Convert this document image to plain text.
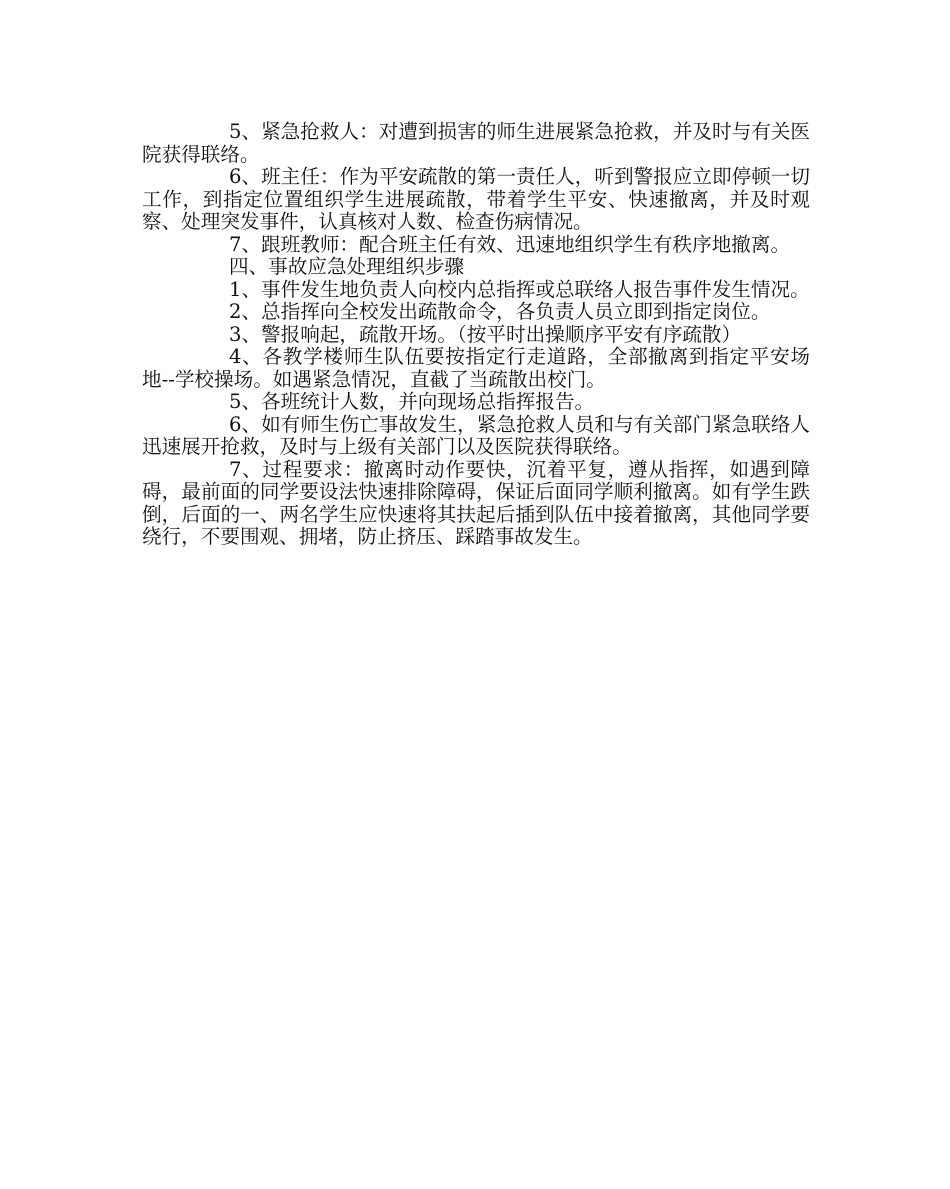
5、紧急抢救人：对遭到损害的师生进展紧急抢救，并及时与有关医院获得联络。

6、班主任：作为平安疏散的第一责任人，听到警报应立即停顿一切工作，到指定位置组织学生进展疏散，带着学生平安、快速撤离，并及时观察、处理突发事件，认真核对人数、检查伤病情况。

7、跟班教师：配合班主任有效、迅速地组织学生有秩序地撤离。

四、事故应急处理组织步骤

1、事件发生地负责人向校内总指挥或总联络人报告事件发生情况。

2、总指挥向全校发出疏散命令，各负责人员立即到指定岗位。

3、警报响起，疏散开场。（按平时出操顺序平安有序疏散）

4、各教学楼师生队伍要按指定行走道路，全部撤离到指定平安场地--学校操场。如遇紧急情况，直截了当疏散出校门。

5、各班统计人数，并向现场总指挥报告。

6、如有师生伤亡事故发生，紧急抢救人员和与有关部门紧急联络人迅速展开抢救，及时与上级有关部门以及医院获得联络。

7、过程要求：撤离时动作要快，沉着平复，遵从指挥，如遇到障碍，最前面的同学要设法快速排除障碍，保证后面同学顺利撤离。如有学生跌倒，后面的一、两名学生应快速将其扶起后插到队伍中接着撤离，其他同学要绕行，不要围观、拥堵，防止挤压、踩踏事故发生。
